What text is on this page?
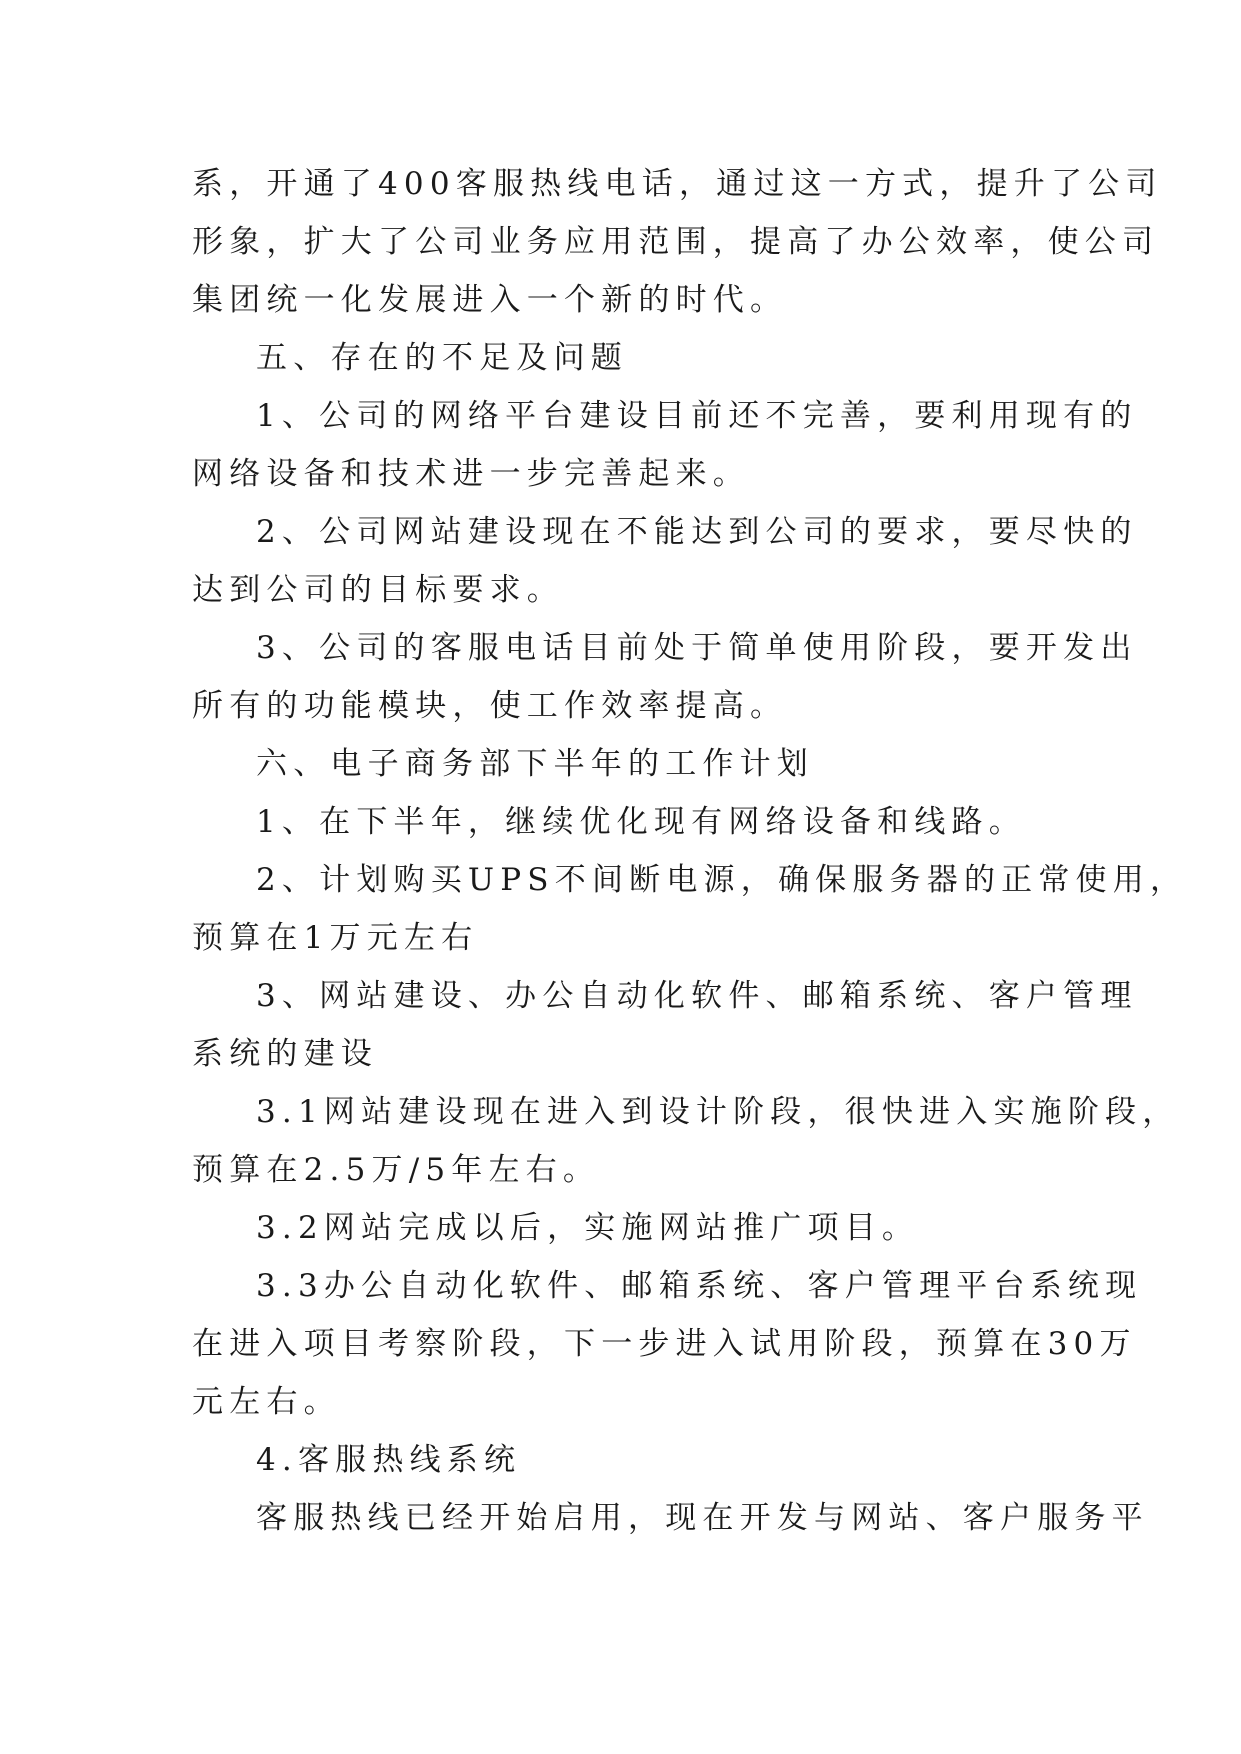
系，开通了400客服热线电话，通过这一方式，提升了公司
形象，扩大了公司业务应用范围，提高了办公效率，使公司
集团统一化发展进入一个新的时代。
五、存在的不足及问题
1、公司的网络平台建设目前还不完善，要利用现有的
网络设备和技术进一步完善起来。
2、公司网站建设现在不能达到公司的要求，要尽快的
达到公司的目标要求。
3、公司的客服电话目前处于简单使用阶段，要开发出
所有的功能模块，使工作效率提高。
六、电子商务部下半年的工作计划
1、在下半年，继续优化现有网络设备和线路。
2、计划购买UPS不间断电源，确保服务器的正常使用，
预算在1万元左右
3、网站建设、办公自动化软件、邮箱系统、客户管理
系统的建设
3.1网站建设现在进入到设计阶段，很快进入实施阶段，
预算在2.5万/5年左右。
3.2网站完成以后，实施网站推广项目。
3.3办公自动化软件、邮箱系统、客户管理平台系统现
在进入项目考察阶段，下一步进入试用阶段，预算在30万
元左右。
4.客服热线系统
客服热线已经开始启用，现在开发与网站、客户服务平
